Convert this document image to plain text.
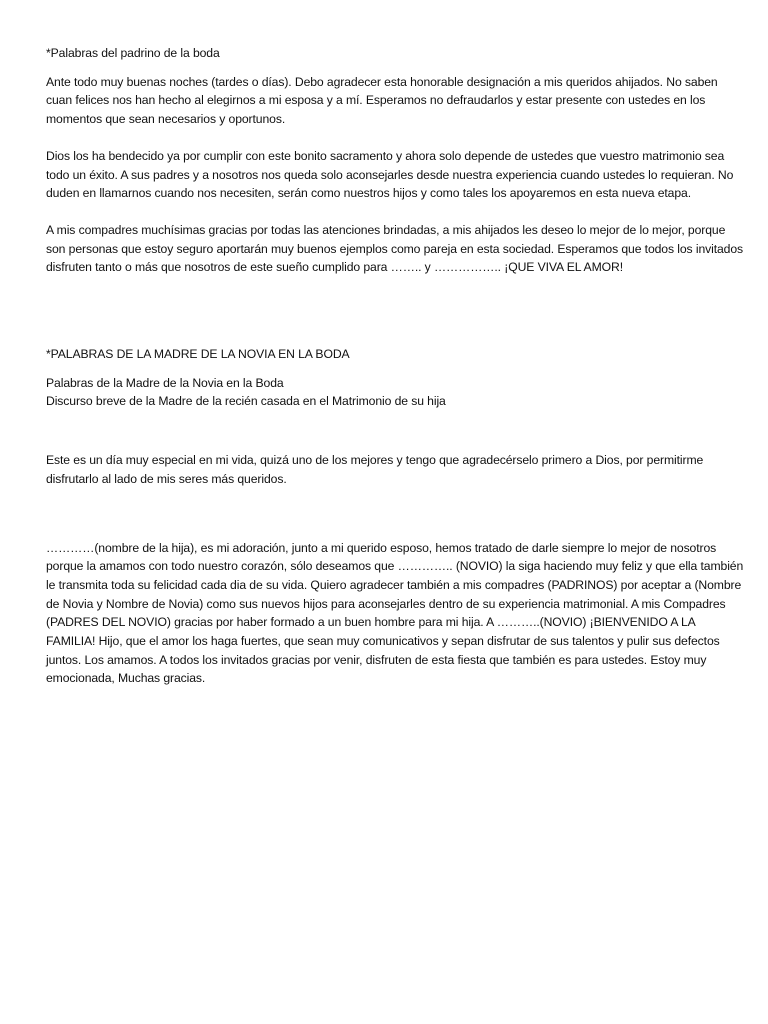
*Palabras del padrino de la boda

Ante todo muy buenas noches (tardes o días). Debo agradecer esta honorable designación a mis queridos ahijados. No saben cuan felices nos han hecho al elegirnos a mi esposa y a mí. Esperamos no defraudarlos y estar presente con ustedes en los momentos que sean necesarios y oportunos.

Dios los ha bendecido ya por cumplir con este bonito sacramento y ahora solo depende de ustedes que vuestro matrimonio sea todo un éxito. A sus padres y a nosotros nos queda solo aconsejarles desde nuestra experiencia cuando ustedes lo requieran. No duden en llamarnos cuando nos necesiten, serán como nuestros hijos y como tales los apoyaremos en esta nueva etapa.

A mis compadres muchísimas gracias por todas las atenciones brindadas, a mis ahijados les deseo lo mejor de lo mejor, porque son personas que estoy seguro aportarán muy buenos ejemplos como pareja en esta sociedad. Esperamos que todos los invitados disfruten tanto o más que nosotros de este sueño cumplido para …….. y …………….. ¡QUE VIVA EL AMOR!

*PALABRAS DE LA MADRE DE LA NOVIA EN LA BODA
Palabras de la Madre de la Novia en la Boda
Discurso breve de la Madre de la recién casada en el Matrimonio de su hija

Este es un día muy especial en mi vida, quizá uno de los mejores y tengo que agradecérselo primero a Dios, por permitirme disfrutarlo al lado de mis seres más queridos.

…………(nombre de la hija), es mi adoración, junto a mi querido esposo, hemos tratado de darle siempre lo mejor de nosotros porque la amamos con todo nuestro corazón, sólo deseamos que ………….. (NOVIO) la siga haciendo muy feliz y que ella también le transmita toda su felicidad cada dia de su vida. Quiero agradecer también a mis compadres (PADRINOS) por aceptar a (Nombre de Novia y Nombre de Novia) como sus nuevos hijos para aconsejarles dentro de su experiencia matrimonial. A mis Compadres (PADRES DEL NOVIO) gracias por haber formado a un buen hombre para mi hija. A ………..(NOVIO) ¡BIENVENIDO A LA FAMILIA! Hijo, que el amor los haga fuertes, que sean muy comunicativos y sepan disfrutar de sus talentos y pulir sus defectos juntos. Los amamos. A todos los invitados gracias por venir, disfruten de esta fiesta que también es para ustedes. Estoy muy emocionada, Muchas gracias.
